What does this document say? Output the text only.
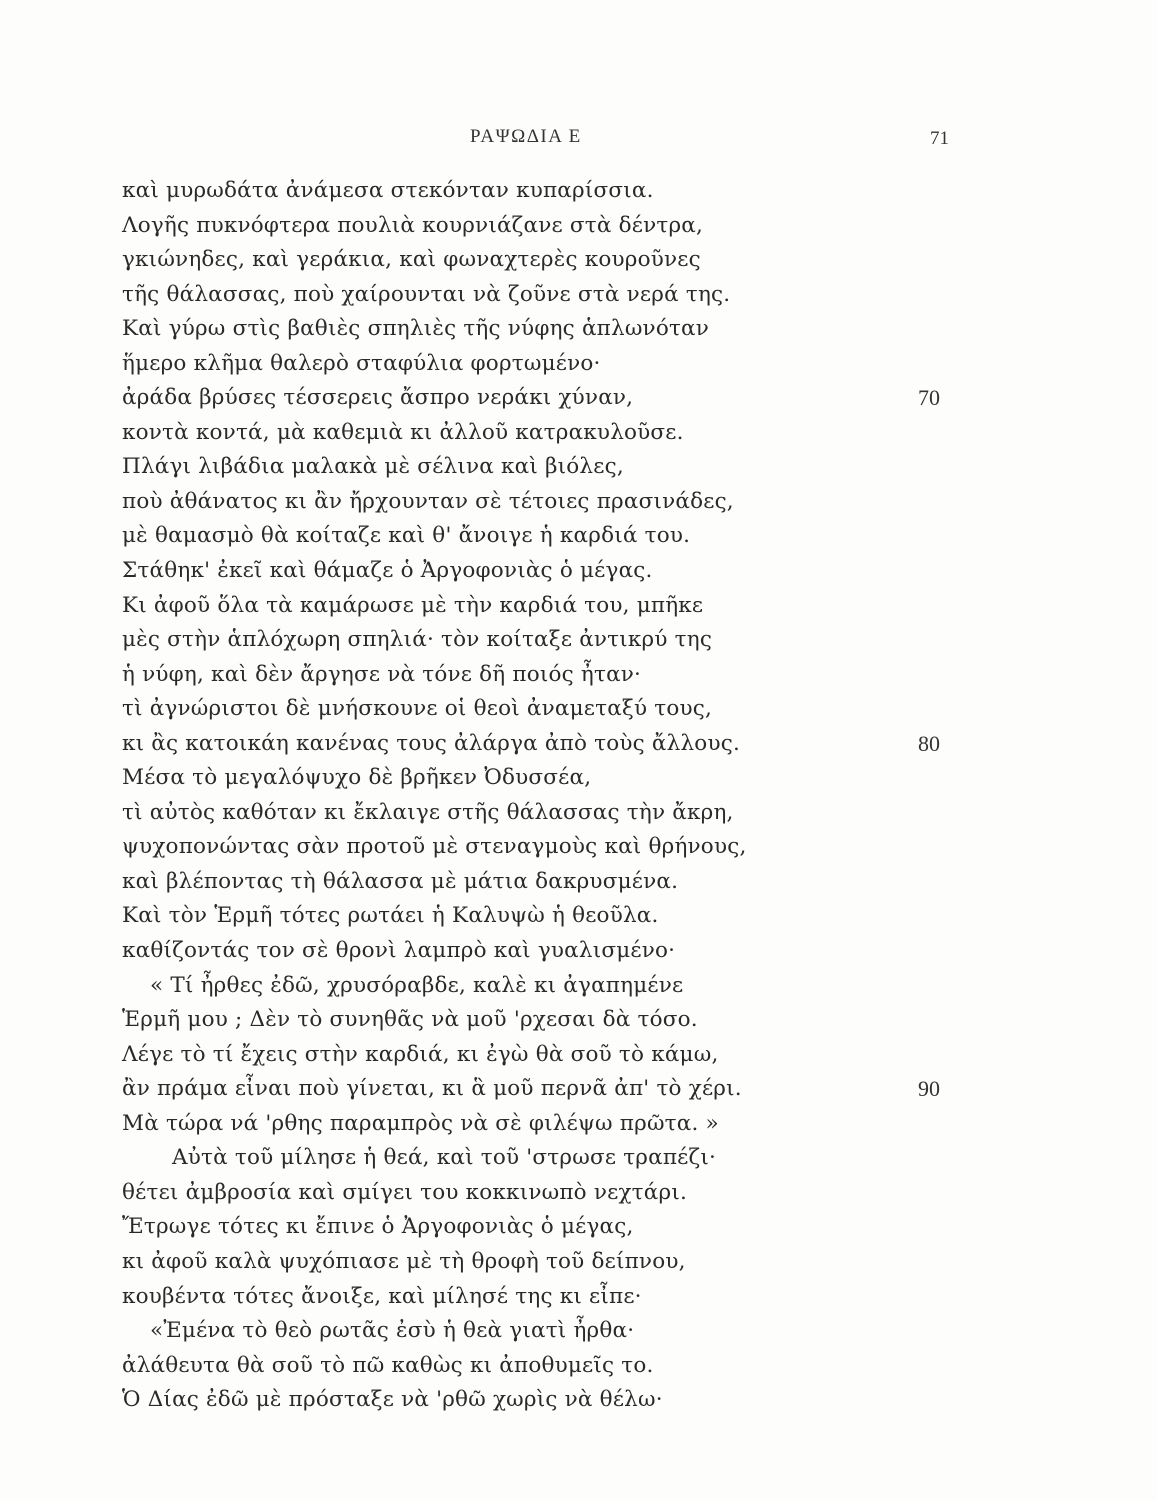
ΡΑΨΩΔΙΑ Ε	71
καὶ μυρωδάτα ἀνάμεσα στεκόνταν κυπαρίσσια.
Λογῆς πυκνόφτερα πουλιὰ κουρνιάζανε στὰ δέντρα,
γκιώνηδες, καὶ γεράκια, καὶ φωναχτερὲς κουροῦνες
τῆς θάλασσας, ποὺ χαίρουνται νὰ ζοῦνε στὰ νερά της.
Καὶ γύρω στὶς βαθιὲς σπηλιὲς τῆς νύφης ἁπλωνόταν
ἥμερο κλῆμα θαλερὸ σταφύλια φορτωμένο·
ἀράδα βρύσες τέσσερεις ἄσπρο νεράκι χύναν,	70
κοντὰ κοντά, μὰ καθεμιὰ κι ἀλλοῦ κατρακυλοῦσε.
Πλάγι λιβάδια μαλακὰ μὲ σέλινα καὶ βιόλες,
ποὺ ἀθάνατος κι ἂν ἤρχουνταν σὲ τέτοιες πρασινάδες,
μὲ θαμασμὸ θὰ κοίταζε καὶ θ' ἄνοιγε ἡ καρδιά του.
Στάθηκ' ἐκεῖ καὶ θάμαζε ὁ Ἀργοφονιὰς ὁ μέγας.
Κι ἀφοῦ ὅλα τὰ καμάρωσε μὲ τὴν καρδιά του, μπῆκε
μὲς στὴν ἁπλόχωρη σπηλιά· τὸν κοίταξε ἀντικρύ της
ἡ νύφη, καὶ δὲν ἄργησε νὰ τόνε δῆ ποιός ἦταν·
τὶ ἀγνώριστοι δὲ μνήσκουνε οἱ θεοὶ ἀναμεταξύ τους,
κι ἂς κατοικάη κανένας τους ἀλάργα ἀπὸ τοὺς ἄλλους.	80
Μέσα τὸ μεγαλόψυχο δὲ βρῆκεν Ὀδυσσέα,
τὶ αὐτὸς καθόταν κι ἔκλαιγε στῆς θάλασσας τὴν ἄκρη,
ψυχοπονώντας σὰν προτοῦ μὲ στεναγμοὺς καὶ θρήνους,
καὶ βλέποντας τὴ θάλασσα μὲ μάτια δακρυσμένα.
Καὶ τὸν Ἑρμῆ τότες ρωτάει ἡ Καλυψὼ ἡ θεοῦλα.
καθίζοντάς τον σὲ θρονὶ λαμπρὸ καὶ γυαλισμένο·
« Τί ἦρθες ἐδῶ, χρυσόραβδε, καλὲ κι ἀγαπημένε
Ἑρμῆ μου ; Δὲν τὸ συνηθᾶς νὰ μοῦ 'ρχεσαι δὰ τόσο.
Λέγε τὸ τί ἔχεις στὴν καρδιά, κι ἐγὼ θὰ σοῦ τὸ κάμω,
ἂν πράμα εἶναι ποὺ γίνεται, κι ἃ μοῦ περνᾶ ἀπ' τὸ χέρι.	90
Μὰ τώρα νά 'ρθης παραμπρὸς νὰ σὲ φιλέψω πρῶτα. »
Αὐτὰ τοῦ μίλησε ἡ θεά, καὶ τοῦ 'στρωσε τραπέζι·
θέτει ἀμβροσία καὶ σμίγει του κοκκινωπὸ νεχτάρι.
Ἔτρωγε τότες κι ἔπινε ὁ Ἀργοφονιὰς ὁ μέγας,
κι ἀφοῦ καλὰ ψυχόπιασε μὲ τὴ θροφὴ τοῦ δείπνου,
κουβέντα τότες ἄνοιξε, καὶ μίλησέ της κι εἶπε·
«Ἐμένα τὸ θεὸ ρωτᾶς ἐσὺ ἡ θεὰ γιατὶ ἦρθα·
ἀλάθευτα θὰ σοῦ τὸ πῶ καθὼς κι ἀποθυμεῖς το.
Ὁ Δίας ἐδῶ μὲ πρόσταξε νὰ 'ρθῶ χωρὶς νὰ θέλω·
